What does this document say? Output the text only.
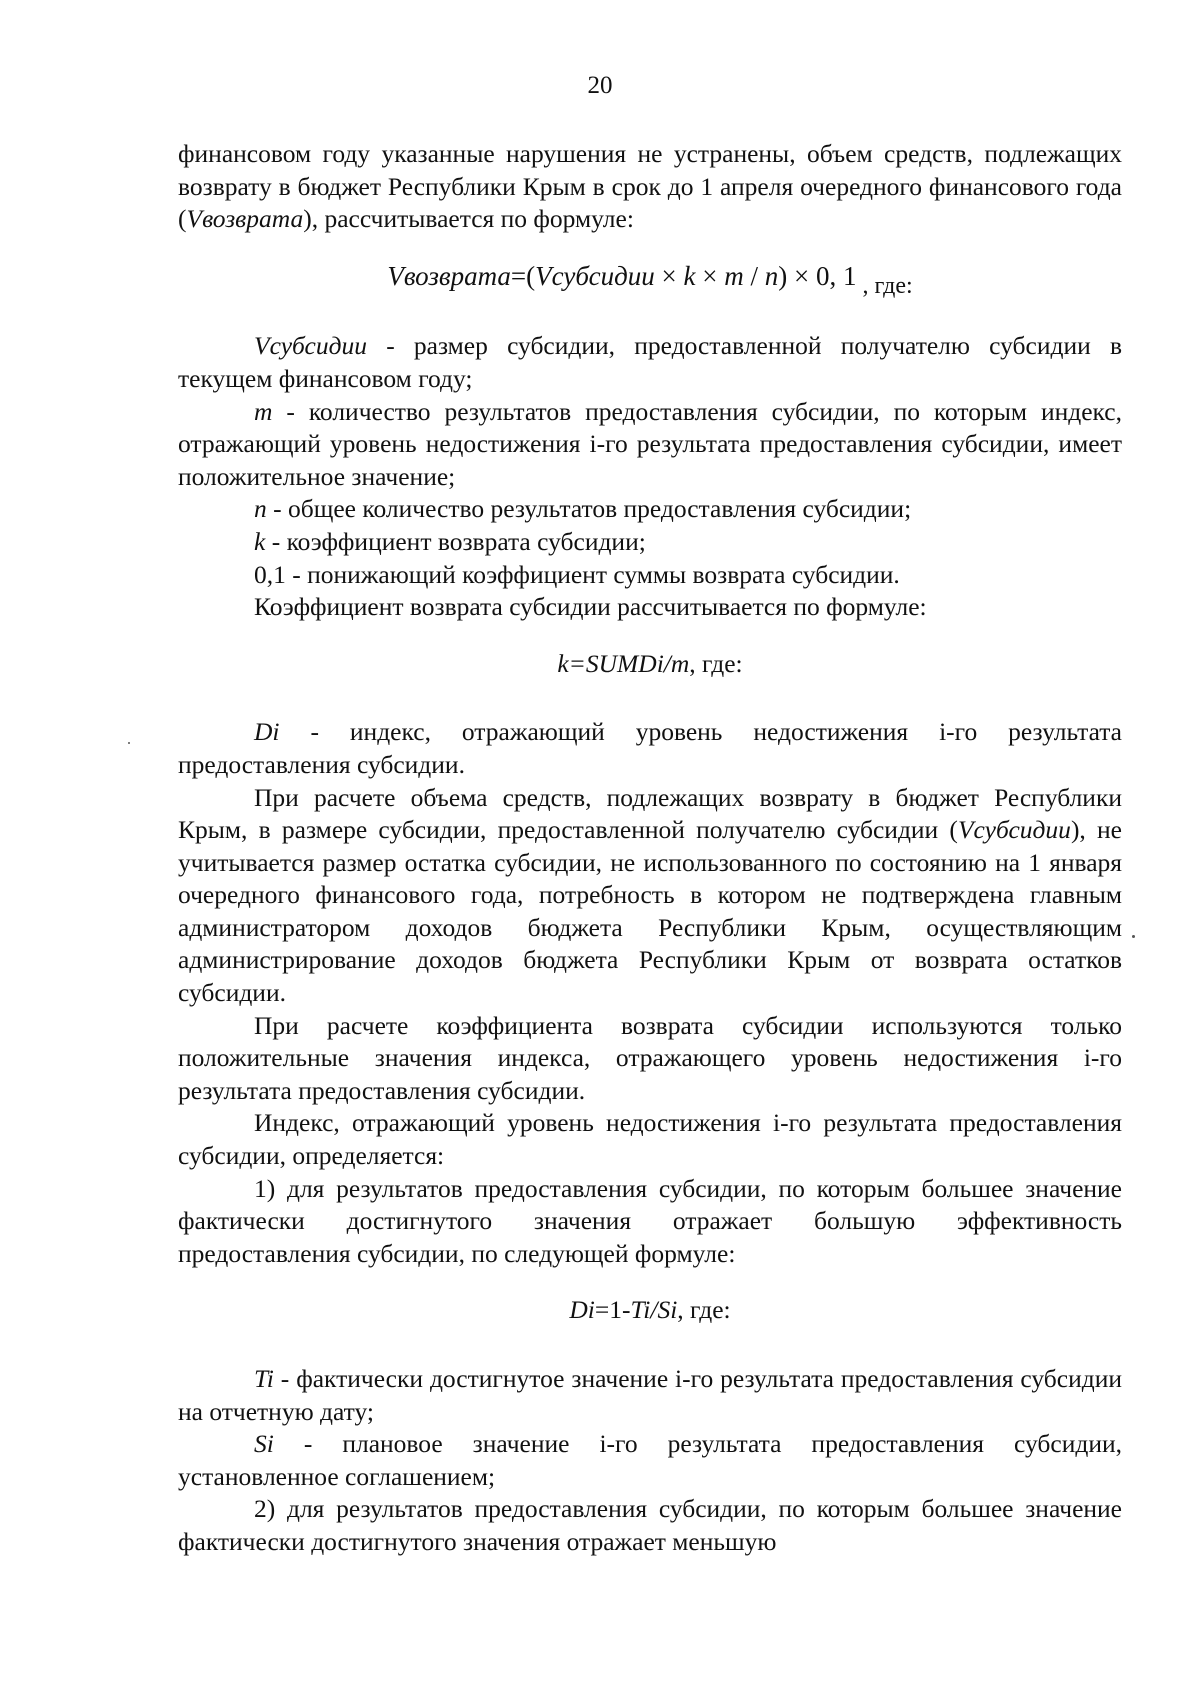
20

финансовом году указанные нарушения не устранены, объем средств, подлежащих возврату в бюджет Республики Крым в срок до 1 апреля очередного финансового года (Vвозврата), рассчитывается по формуле:

Vвозврата=(Vсубсидии × k × m / n) × 0, 1 , где:

Vсубсидии - размер субсидии, предоставленной получателю субсидии в текущем финансовом году;

m - количество результатов предоставления субсидии, по которым индекс, отражающий уровень недостижения i-го результата предоставления субсидии, имеет положительное значение;

n - общее количество результатов предоставления субсидии;

k - коэффициент возврата субсидии;

0,1 - понижающий коэффициент суммы возврата субсидии.

Коэффициент возврата субсидии рассчитывается по формуле:

k=SUMDi/m, где:

Di - индекс, отражающий уровень недостижения i-го результата предоставления субсидии.

При расчете объема средств, подлежащих возврату в бюджет Республики Крым, в размере субсидии, предоставленной получателю субсидии (Vсубсидии), не учитывается размер остатка субсидии, не использованного по состоянию на 1 января очередного финансового года, потребность в котором не подтверждена главным администратором доходов бюджета Республики Крым, осуществляющим администрирование доходов бюджета Республики Крым от возврата остатков субсидии.

При расчете коэффициента возврата субсидии используются только положительные значения индекса, отражающего уровень недостижения i-го результата предоставления субсидии.

Индекс, отражающий уровень недостижения i-го результата предоставления субсидии, определяется:

1) для результатов предоставления субсидии, по которым большее значение фактически достигнутого значения отражает большую эффективность предоставления субсидии, по следующей формуле:

Di=1-Ti/Si, где:

Ti - фактически достигнутое значение i-го результата предоставления субсидии на отчетную дату;

Si - плановое значение i-го результата предоставления субсидии, установленное соглашением;

2) для результатов предоставления субсидии, по которым большее значение фактически достигнутого значения отражает меньшую
